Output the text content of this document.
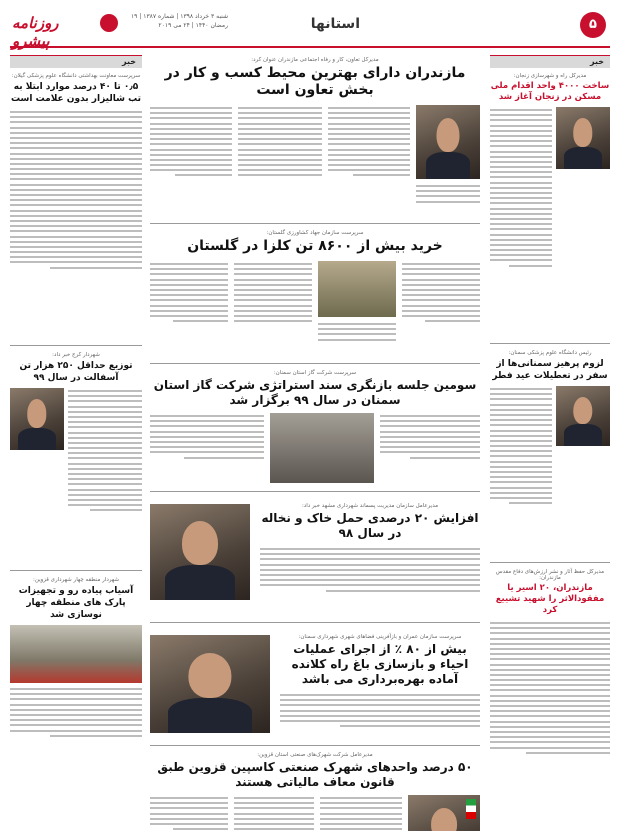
۵
استانها
روزنامه پیشرو
شنبه ۳ خرداد ۱۳۹۸ | شماره ۱۳۸۷ | ۱۹ رمضان ۱۴۴۰ | ۲۴ می ۲۰۱۹
خبر
مدیرکل راه و شهرسازی زنجان:
ساخت ۴۰۰۰ واحد اقدام ملی مسکن در زنجان آغاز شد
رئیس دانشگاه علوم پزشکی سمنان:
لزوم پرهیز سمنانی‌ها از سفر در تعطیلات عید فطر
مدیرکل حفظ آثار و نشر ارزش‌های دفاع مقدس مازندران:
مازندران، ۲۰ اسیر یا مفقودالاثر را شهید تشییع کرد
مدیرکل تعاون، کار و رفاه اجتماعی مازندران عنوان کرد:
مازندران دارای بهترین محیط کسب و کار در بخش تعاون است
سرپرست سازمان جهاد کشاورزی گلستان:
خرید بیش از ۸۶۰۰ تن کلزا در گلستان
سرپرست شرکت گاز استان سمنان:
سومین جلسه بازنگری سند استراتژی شرکت گاز استان سمنان در سال ۹۹ برگزار شد
مدیرعامل سازمان مدیریت پسماند شهرداری مشهد خبر داد:
افزایش ۲۰ درصدی حمل خاک و نخاله در سال ۹۸
سرپرست سازمان عمران و بازآفرینی فضاهای شهری شهرداری سمنان:
بیش از ۸۰ ٪ از اجرای عملیات احیاء و بازسازی باغ راه کلانده آماده بهره‌برداری می باشد
مدیرعامل شرکت شهرک‌های صنعتی استان قزوین:
۵۰ درصد واحدهای شهرک صنعتی کاسپین قزوین طبق قانون معاف مالیاتی هستند
خبر
سرپرست معاونت بهداشتی دانشگاه علوم پزشکی گیلان:
۰٫۵ تا ۴۰ درصد موارد ابتلا به تب شالیزار بدون علامت است
شهردار کرج خبر داد:
توزیع حداقل ۲۵۰ هزار تن آسفالت در سال ۹۹
شهردار منطقه چهار شهرداری قزوین:
آسیاب پیاده رو و تجهیزات پارک های منطقه چهار نوسازی شد
